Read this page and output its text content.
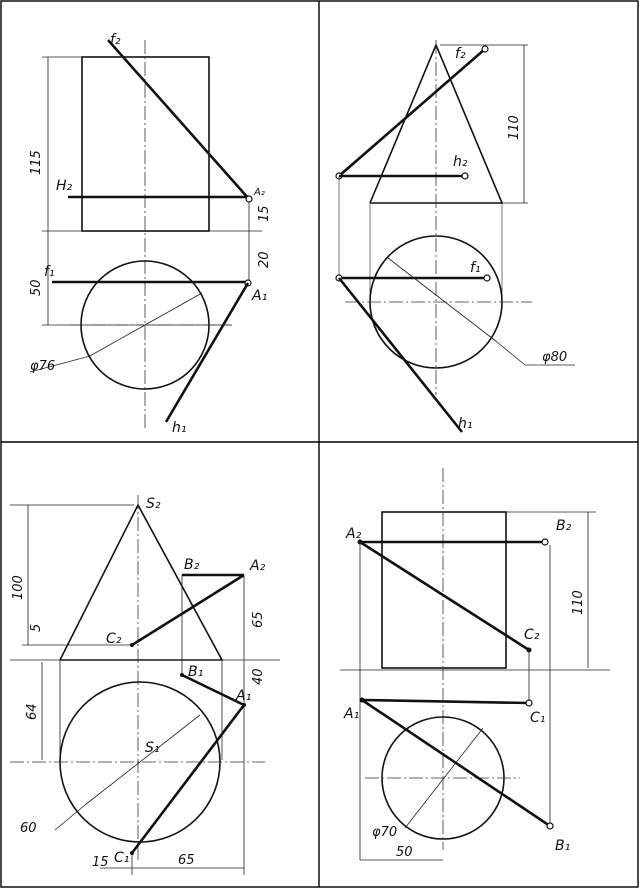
115
50
15
20
φ76
f₂
H₂	A₂
f₁
A₁
h₁
110
φ80
f₂
h₂
f₁
h₁
100
5	65
40
64
60
15	65
S₂
B₂	A₂
C₂
B₁
A₁
S₁
C₁
110
φ70
50
A₂	B₂
C₂
A₁	C₁
B₁
